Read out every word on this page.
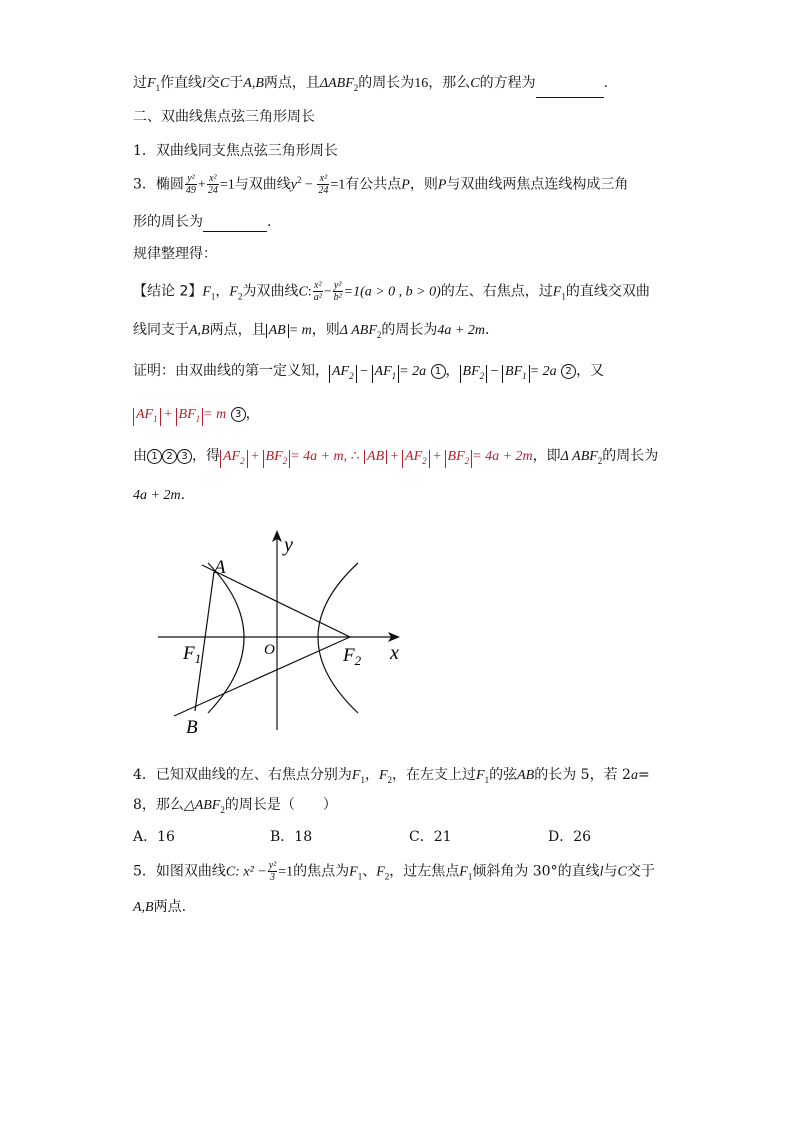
过$F_1$作直线l交C于A,B两点，且$\Delta ABF_2$的周长为16，那么C的方程为	.
二、双曲线焦点弦三角形周长
1．双曲线同支焦点弦三角形周长
3．椭圆 $\frac{\text{y²}}{49} + \frac{\text{x²}}{24} =1$与双曲线$y^2 - \frac{\text{x²}}{24} =1$有公共点P，则P与双曲线两焦点连线构成三角
形的周长为	.
规律整理得：
【结论 2】$F_1$，$F_2$为双曲线C: $\frac{\text{x²}}{\text{a²}} - \frac{\text{y²}}{\text{b²}} =1(a > 0$ , b > 0)的左、右焦点，过$F_1$的直线交双曲
线同支于A,B两点，且 AB = m，则Δ $ABF_2$的周长为4a + 2m.
证明：由双曲线的第一定义知， $AF_2 - AF_1 = 2a$ 1 ， $BF_2 - BF_1 = 2a$ 2 ，又
$AF_1 + BF_1 = m$ 3 ，
由 1 2 3 ，得 $AF_2 + BF_2 = 4a + m$, ∴ AB + $AF_2 + BF_2 = 4a + 2m$，即Δ $ABF_2$的周长为
4a + 2m.
y
x
A
B
O
$F_1$	$F_2$
4．已知双曲线的左、右焦点分别为$F_1$，$F_2$，在左支上过$F_1$的弦AB的长为 5，若 2a=
8，那么$\triangle ABF_2$的周长是（　　）
A．16	B．18	C．21	D．26
5．如图双曲线C: $x^2 - \frac{\text{y²}}{3} =1$的焦点为$F_1$、$F_2$，过左焦点$F_1$倾斜角为 30°的直线l与C交于
A,B两点.
